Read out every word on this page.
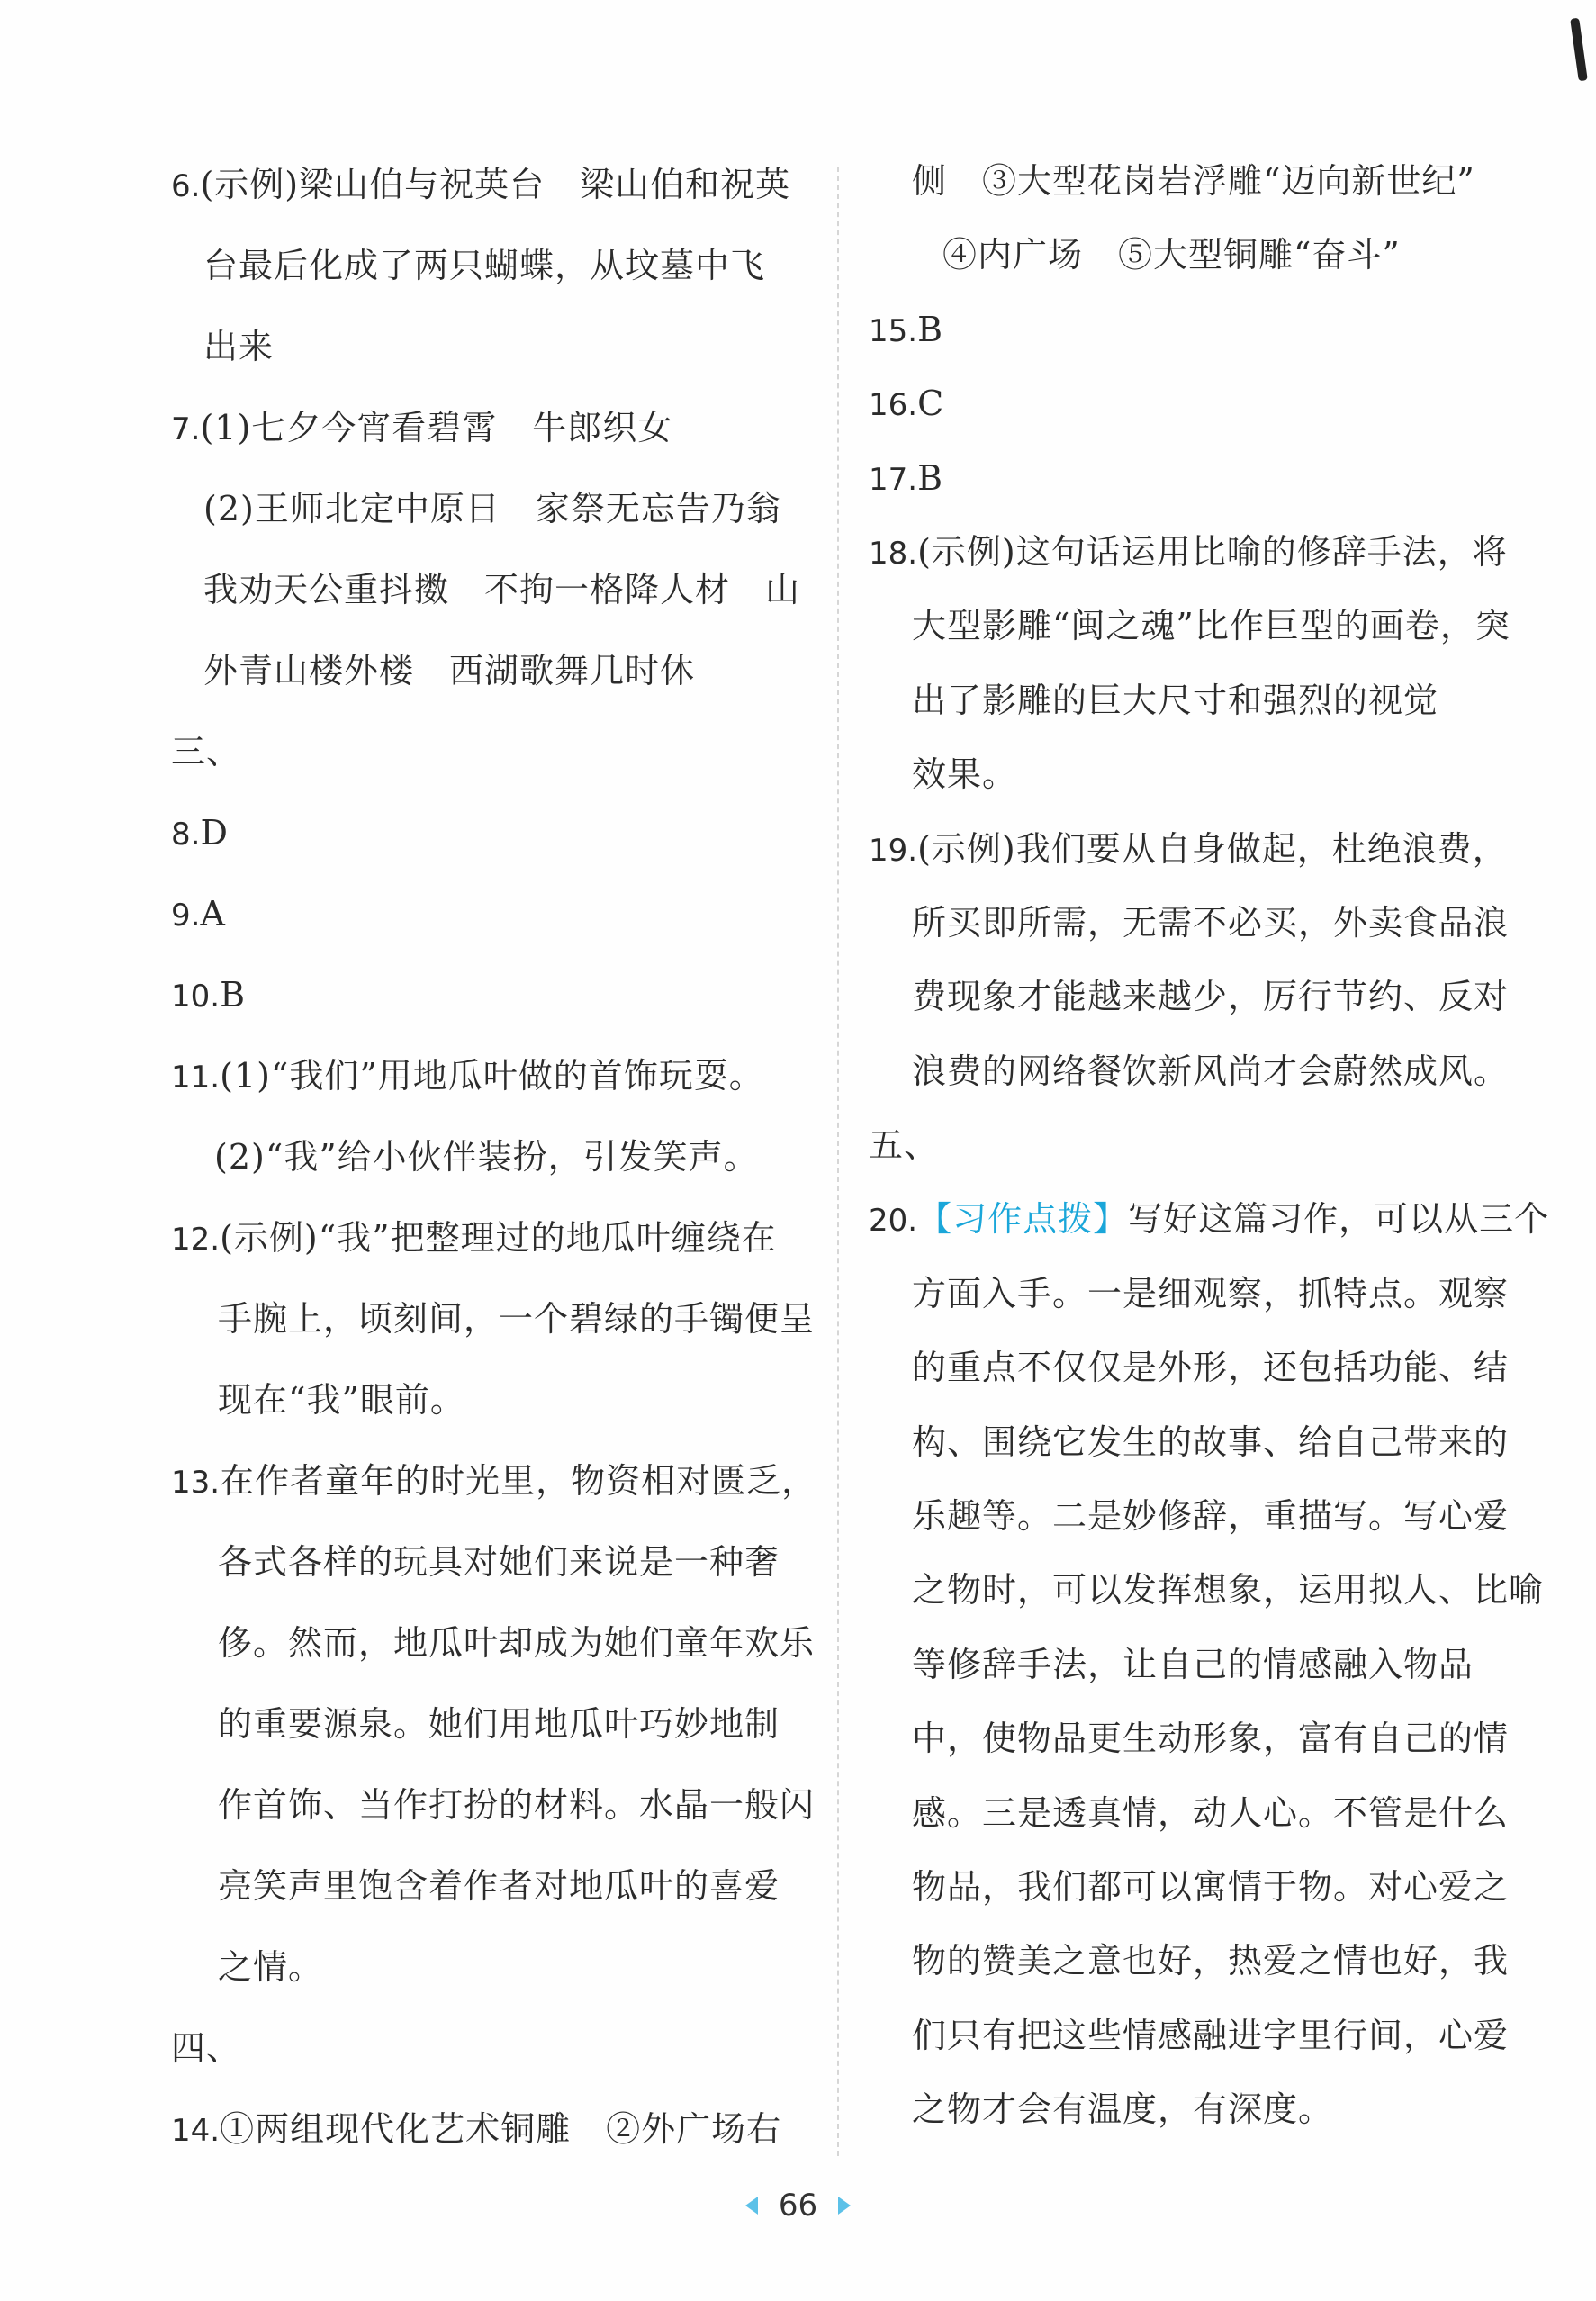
6.(示例)梁山伯与祝英台　梁山伯和祝英
台最后化成了两只蝴蝶，从坟墓中飞
出来
7.(1)七夕今宵看碧霄　牛郎织女
(2)王师北定中原日　家祭无忘告乃翁
我劝天公重抖擞　不拘一格降人材　山
外青山楼外楼　西湖歌舞几时休
三、
8.D
9.A
10.B
11.(1)“我们”用地瓜叶做的首饰玩耍。
(2)“我”给小伙伴装扮，引发笑声。
12.(示例)“我”把整理过的地瓜叶缠绕在
手腕上，顷刻间，一个碧绿的手镯便呈
现在“我”眼前。
13.在作者童年的时光里，物资相对匮乏，
各式各样的玩具对她们来说是一种奢
侈。然而，地瓜叶却成为她们童年欢乐
的重要源泉。她们用地瓜叶巧妙地制
作首饰、当作打扮的材料。水晶一般闪
亮笑声里饱含着作者对地瓜叶的喜爱
之情。
四、
14.①两组现代化艺术铜雕　②外广场右
侧　③大型花岗岩浮雕“迈向新世纪”
④内广场　⑤大型铜雕“奋斗”
15.B
16.C
17.B
18.(示例)这句话运用比喻的修辞手法，将
大型影雕“闽之魂”比作巨型的画卷，突
出了影雕的巨大尺寸和强烈的视觉
效果。
19.(示例)我们要从自身做起，杜绝浪费，
所买即所需，无需不必买，外卖食品浪
费现象才能越来越少，厉行节约、反对
浪费的网络餐饮新风尚才会蔚然成风。
五、
20.【习作点拨】写好这篇习作，可以从三个
方面入手。一是细观察，抓特点。观察
的重点不仅仅是外形，还包括功能、结
构、围绕它发生的故事、给自己带来的
乐趣等。二是妙修辞，重描写。写心爱
之物时，可以发挥想象，运用拟人、比喻
等修辞手法，让自己的情感融入物品
中，使物品更生动形象，富有自己的情
感。三是透真情，动人心。不管是什么
物品，我们都可以寓情于物。对心爱之
物的赞美之意也好，热爱之情也好，我
们只有把这些情感融进字里行间，心爱
之物才会有温度，有深度。
66
